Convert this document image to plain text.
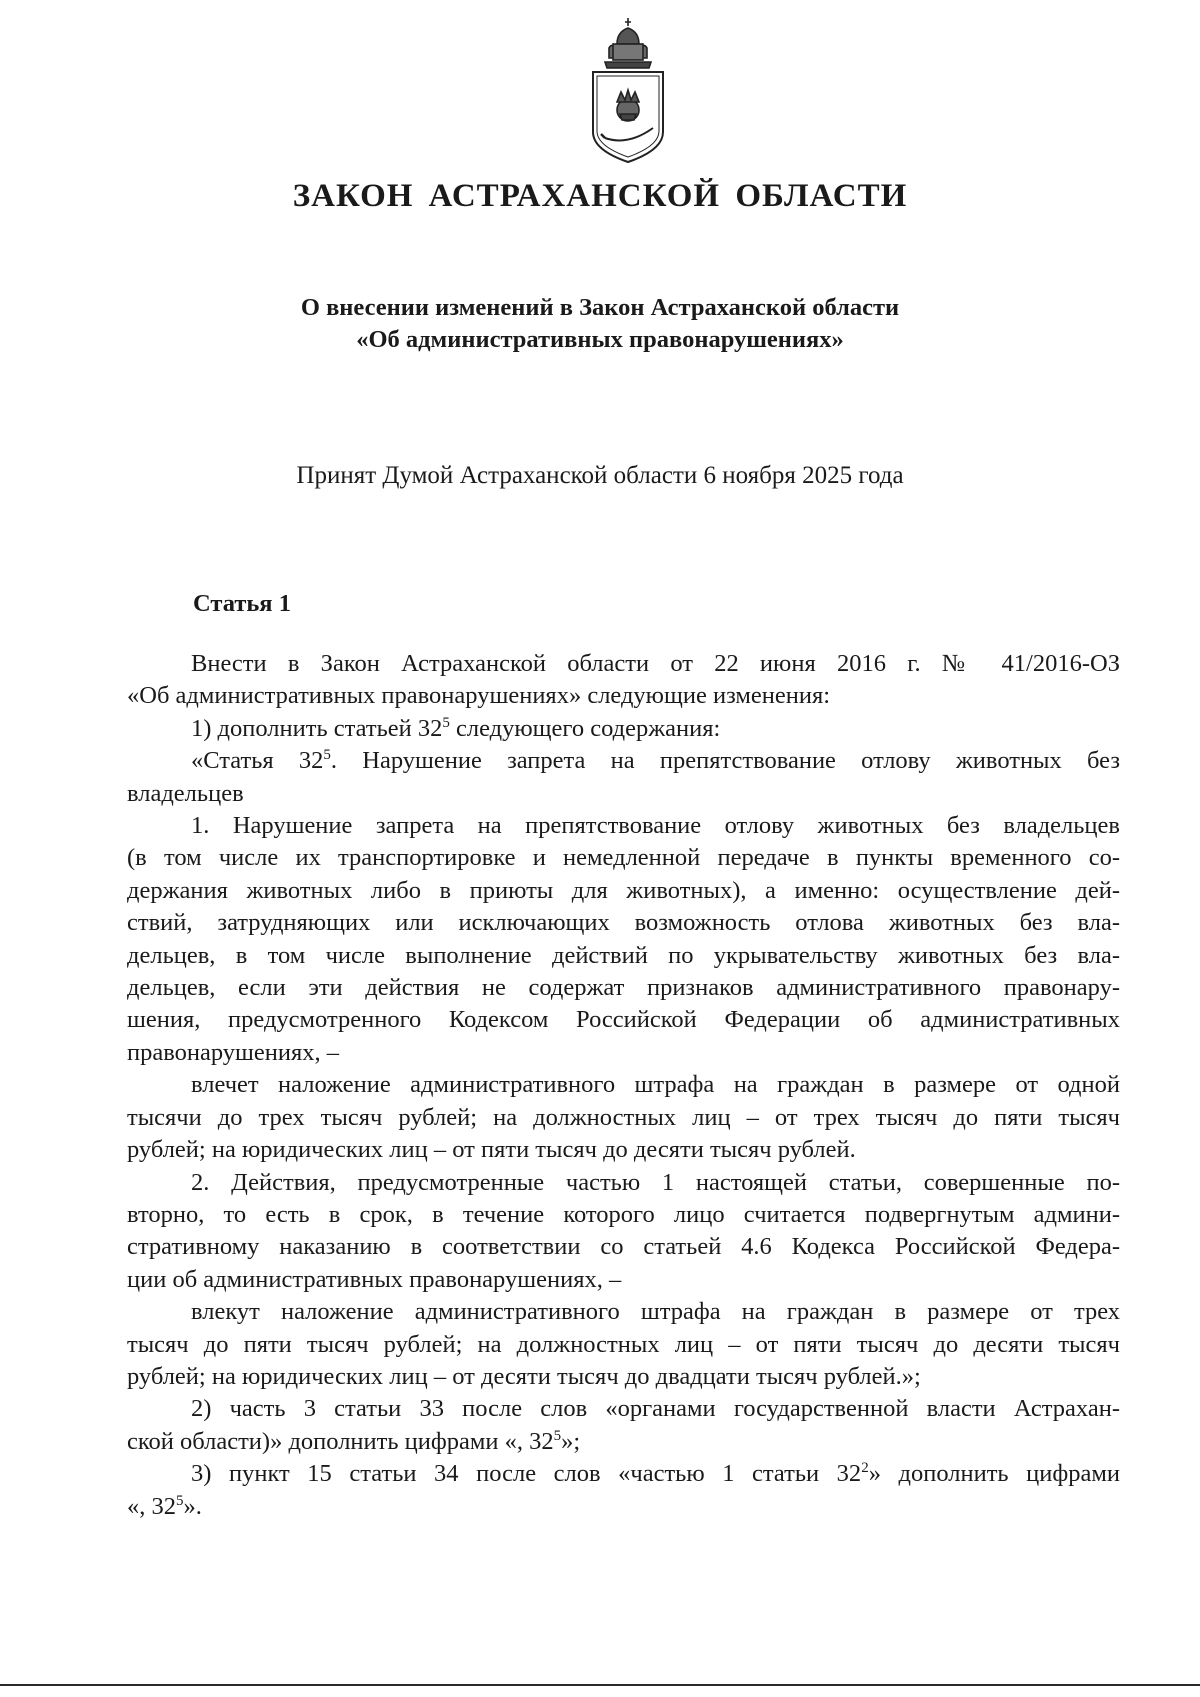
ЗАКОН АСТРАХАНСКОЙ ОБЛАСТИ
О внесении изменений в Закон Астраханской области
«Об административных правонарушениях»
Принят Думой Астраханской области 6 ноября 2025 года
Статья 1
Внести в Закон Астраханской области от 22 июня 2016 г. № 41/2016-ОЗ
«Об административных правонарушениях» следующие изменения:
1) дополнить статьей $32^5$ следующего содержания:
«Статья $32^5$. Нарушение запрета на препятствование отлову животных без
владельцев
1. Нарушение запрета на препятствование отлову животных без владельцев
(в том числе их транспортировке и немедленной передаче в пункты временного со-
держания животных либо в приюты для животных), а именно: осуществление дей-
ствий, затрудняющих или исключающих возможность отлова животных без вла-
дельцев, в том числе выполнение действий по укрывательству животных без вла-
дельцев, если эти действия не содержат признаков административного правонару-
шения, предусмотренного Кодексом Российской Федерации об административных
правонарушениях, –
влечет наложение административного штрафа на граждан в размере от одной
тысячи до трех тысяч рублей; на должностных лиц – от трех тысяч до пяти тысяч
рублей; на юридических лиц – от пяти тысяч до десяти тысяч рублей.
2. Действия, предусмотренные частью 1 настоящей статьи, совершенные по-
вторно, то есть в срок, в течение которого лицо считается подвергнутым админи-
стративному наказанию в соответствии со статьей 4.6 Кодекса Российской Федера-
ции об административных правонарушениях, –
влекут наложение административного штрафа на граждан в размере от трех
тысяч до пяти тысяч рублей; на должностных лиц – от пяти тысяч до десяти тысяч
рублей; на юридических лиц – от десяти тысяч до двадцати тысяч рублей.»;
2) часть 3 статьи 33 после слов «органами государственной власти Астрахан-
ской области)» дополнить цифрами «, $32^5$»;
3) пункт 15 статьи 34 после слов «частью 1 статьи $32^2$» дополнить цифрами
«, $32^5$».
